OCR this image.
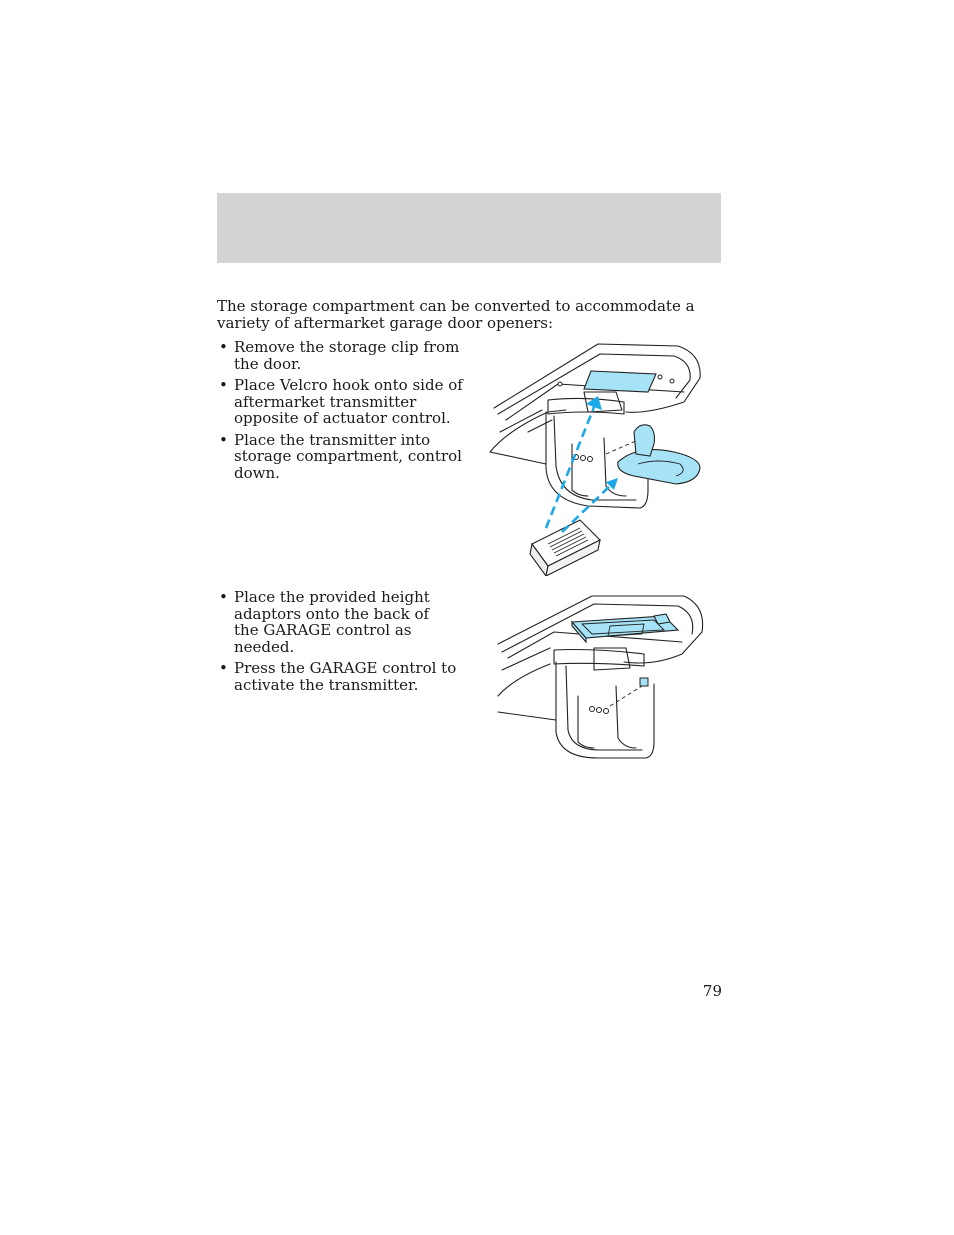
The storage compartment can be converted to accommodate a variety of aftermarket garage door openers:

• Remove the storage clip from the door.
• Place Velcro hook onto side of aftermarket transmitter opposite of actuator control.
• Place the transmitter into storage compartment, control down.
• Place the provided height adaptors onto the back of the GARAGE control as needed.
• Press the GARAGE control to activate the transmitter.
79
